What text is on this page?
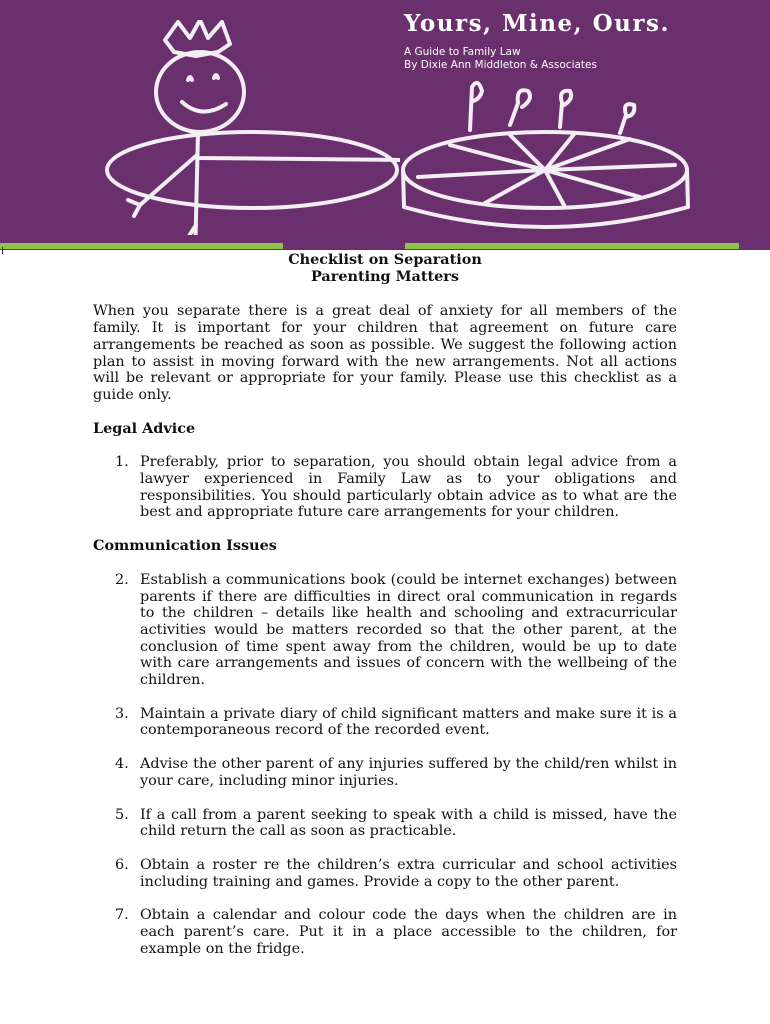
Yours, Mine, Ours.
A Guide to Family Law
By Dixie Ann Middleton & Associates
Checklist on Separation
Parenting Matters
When you separate there is a great deal of anxiety for all members of the family. It is important for your children that agreement on future care arrangements be reached as soon as possible. We suggest the following action plan to assist in moving forward with the new arrangements. Not all actions will be relevant or appropriate for your family. Please use this checklist as a guide only.
Legal Advice
1. Preferably, prior to separation, you should obtain legal advice from a lawyer experienced in Family Law as to your obligations and responsibilities. You should particularly obtain advice as to what are the best and appropriate future care arrangements for your children.
Communication Issues
2. Establish a communications book (could be internet exchanges) between parents if there are difficulties in direct oral communication in regards to the children – details like health and schooling and extracurricular activities would be matters recorded so that the other parent, at the conclusion of time spent away from the children, would be up to date with care arrangements and issues of concern with the wellbeing of the children.
3. Maintain a private diary of child significant matters and make sure it is a contemporaneous record of the recorded event.
4. Advise the other parent of any injuries suffered by the child/ren whilst in your care, including minor injuries.
5. If a call from a parent seeking to speak with a child is missed, have the child return the call as soon as practicable.
6. Obtain a roster re the children’s extra curricular and school activities including training and games. Provide a copy to the other parent.
7. Obtain a calendar and colour code the days when the children are in each parent’s care. Put it in a place accessible to the children, for example on the fridge.
